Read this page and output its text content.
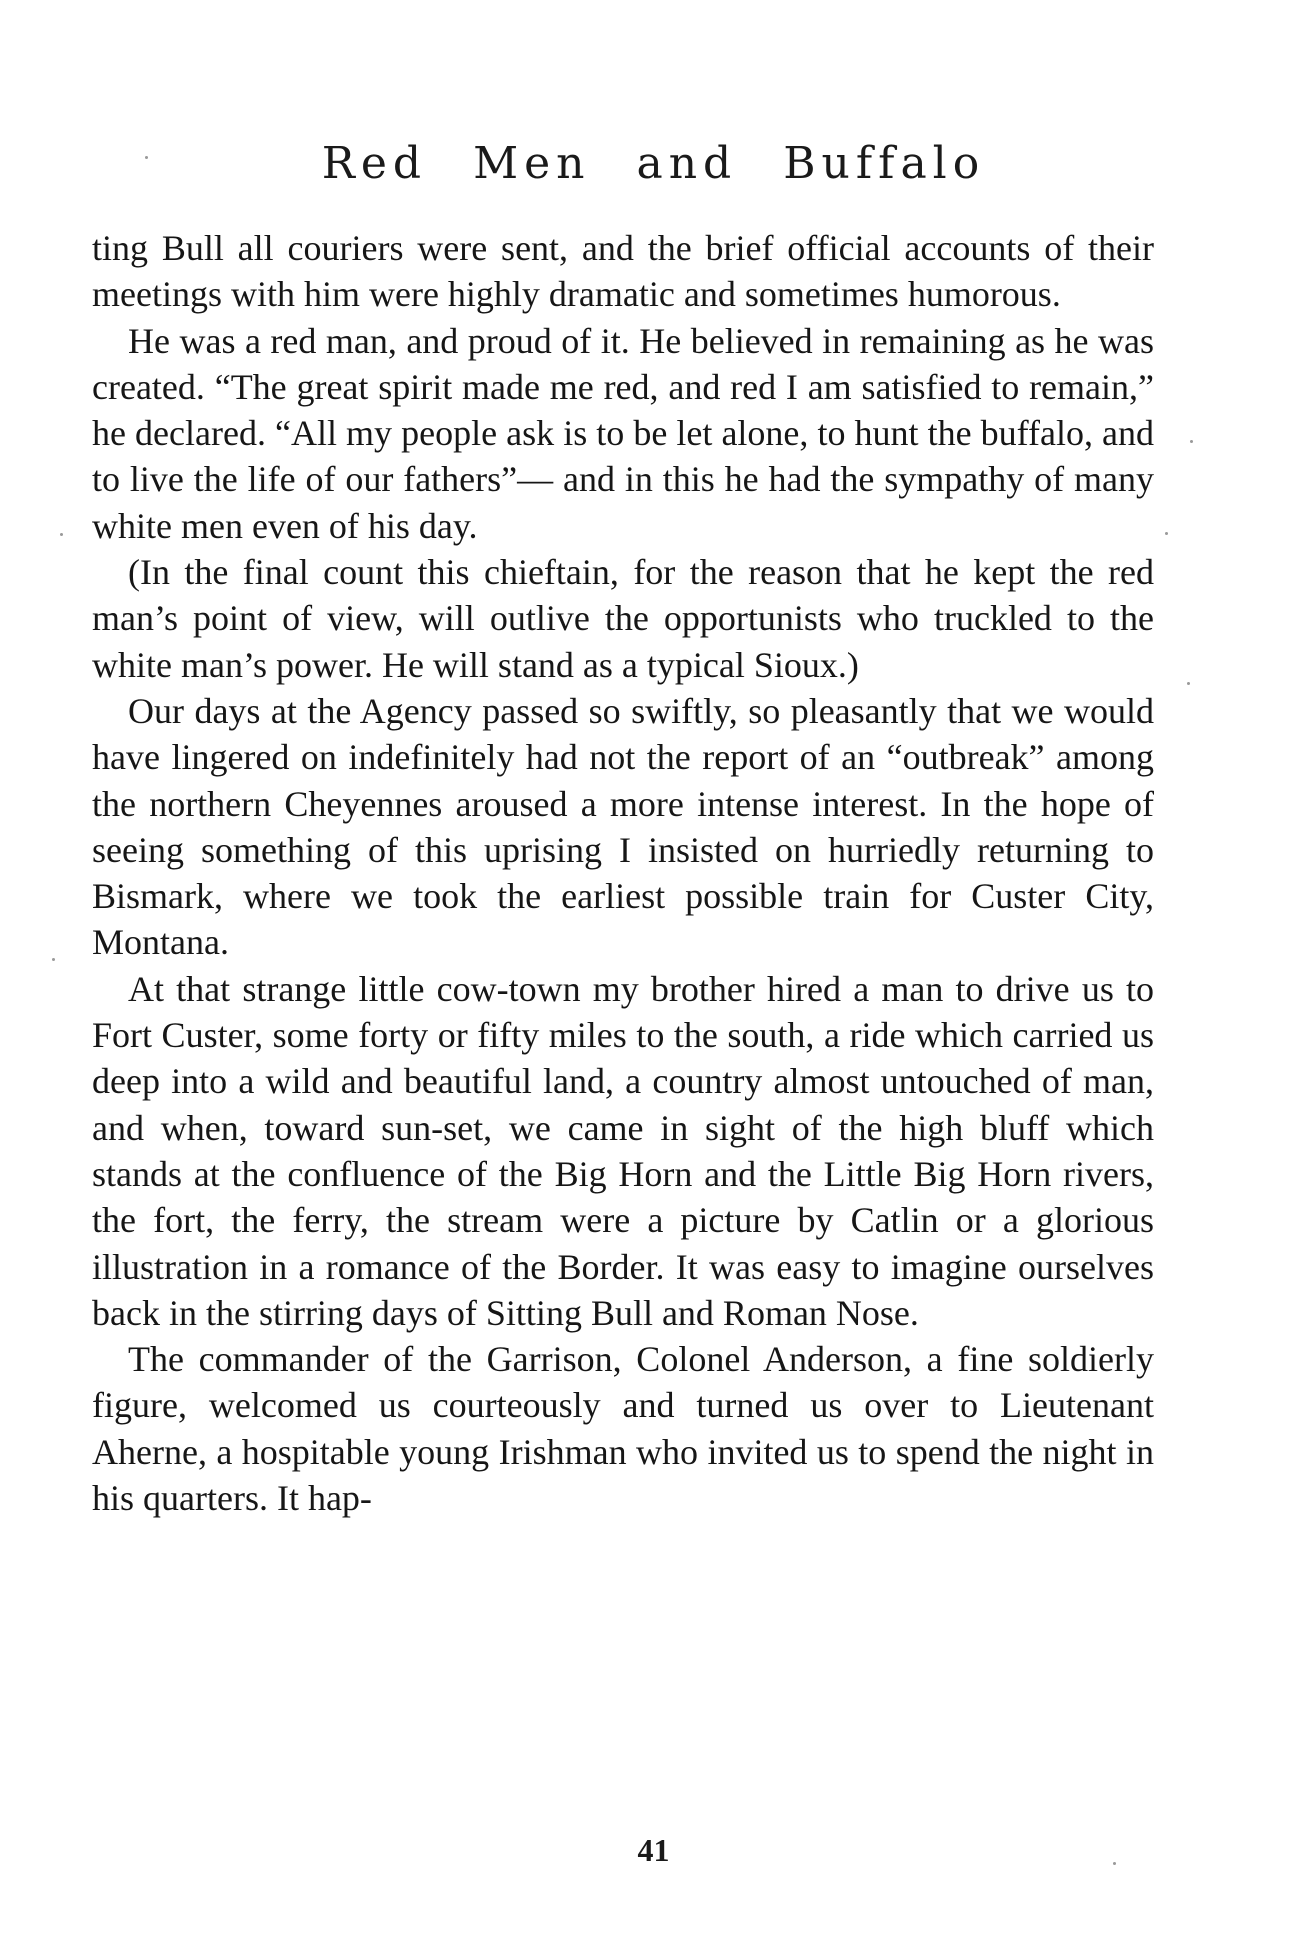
Red Men and Buffalo

ting Bull all couriers were sent, and the brief official accounts of their meetings with him were highly dramatic and sometimes humorous.

He was a red man, and proud of it. He believed in remaining as he was created. “The great spirit made me red, and red I am satisfied to remain,” he declared. “All my people ask is to be let alone, to hunt the buffalo, and to live the life of our fathers”— and in this he had the sympathy of many white men even of his day.

(In the final count this chieftain, for the reason that he kept the red man’s point of view, will outlive the opportunists who truckled to the white man’s power. He will stand as a typical Sioux.)

Our days at the Agency passed so swiftly, so pleasantly that we would have lingered on indefinitely had not the report of an “outbreak” among the northern Cheyennes aroused a more intense interest. In the hope of seeing something of this uprising I insisted on hurriedly returning to Bismark, where we took the earliest possible train for Custer City, Montana.

At that strange little cow-town my brother hired a man to drive us to Fort Custer, some forty or fifty miles to the south, a ride which carried us deep into a wild and beautiful land, a country almost untouched of man, and when, toward sun-set, we came in sight of the high bluff which stands at the confluence of the Big Horn and the Little Big Horn rivers, the fort, the ferry, the stream were a picture by Catlin or a glorious illustration in a romance of the Border. It was easy to imagine ourselves back in the stirring days of Sitting Bull and Roman Nose.

The commander of the Garrison, Colonel Anderson, a fine soldierly figure, welcomed us courteously and turned us over to Lieutenant Aherne, a hospitable young Irishman who invited us to spend the night in his quarters. It hap-

41
